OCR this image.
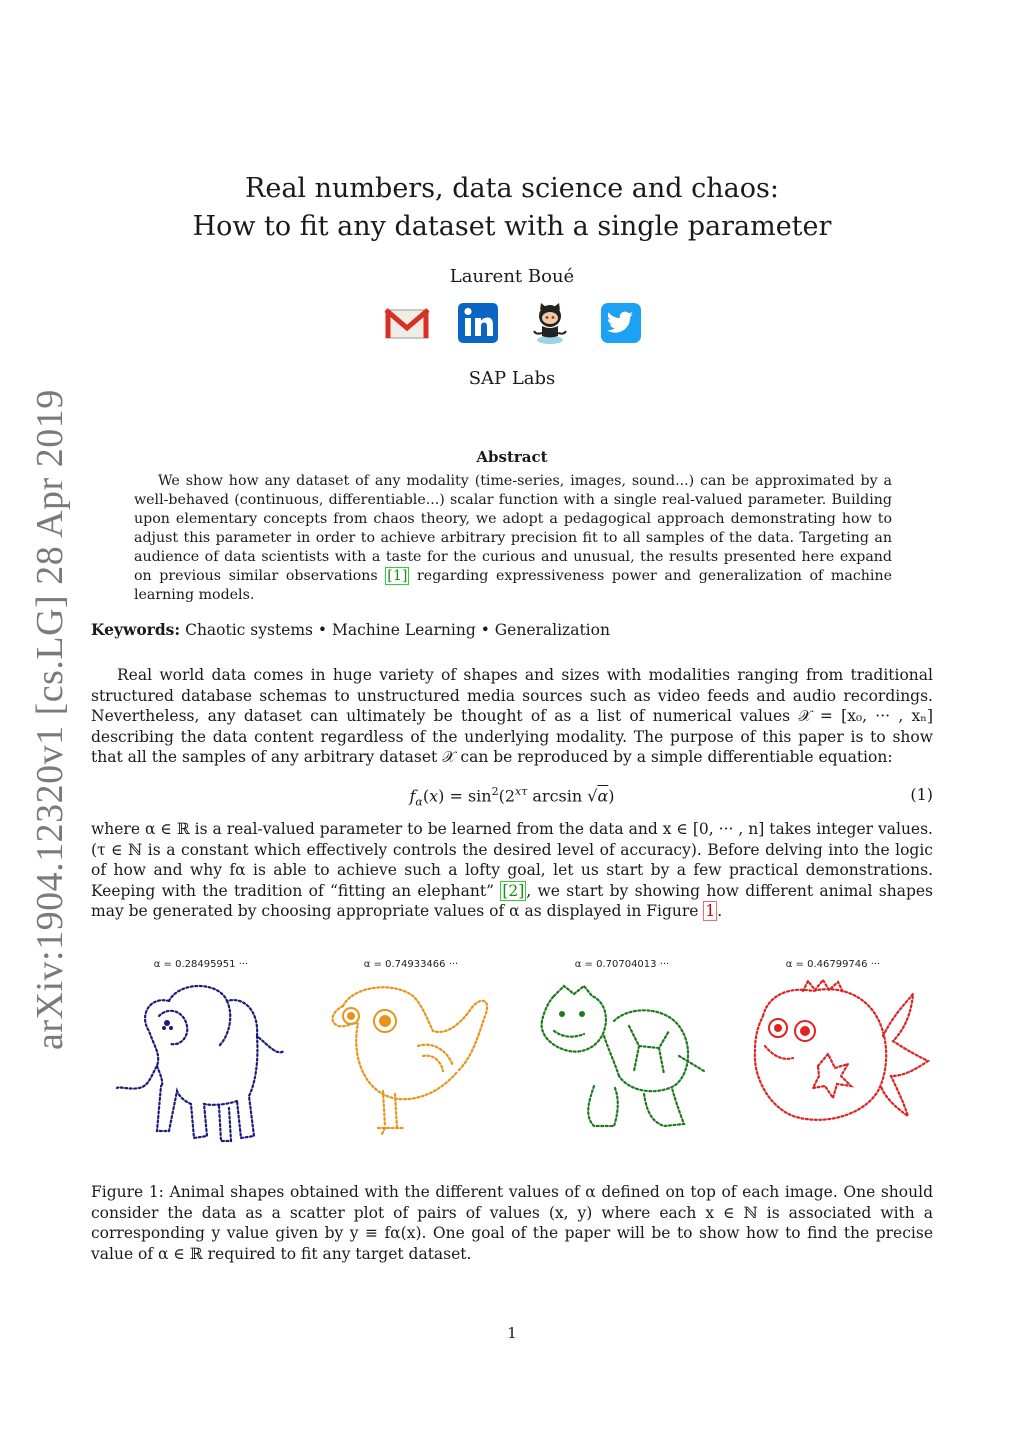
Real numbers, data science and chaos:
How to fit any dataset with a single parameter
Laurent Boué
SAP Labs
arXiv:1904.12320v1 [cs.LG] 28 Apr 2019	Abstract
We show how any dataset of any modality (time-series, images, sound...) can be approximated by a well-behaved (continuous, differentiable...) scalar function with a single real-valued parameter. Building upon elementary concepts from chaos theory, we adopt a pedagogical approach demonstrating how to adjust this parameter in order to achieve arbitrary precision fit to all samples of the data. Targeting an audience of data scientists with a taste for the curious and unusual, the results presented here expand on previous similar observations [1] regarding expressiveness power and generalization of machine learning models.
Keywords: Chaotic systems • Machine Learning • Generalization
Real world data comes in huge variety of shapes and sizes with modalities ranging from traditional structured database schemas to unstructured media sources such as video feeds and audio recordings. Nevertheless, any dataset can ultimately be thought of as a list of numerical values 𝒳 = [x₀, ··· , xₙ] describing the data content regardless of the underlying modality. The purpose of this paper is to show that all the samples of any arbitrary dataset 𝒳 can be reproduced by a simple differentiable equation:
$f_\alpha(x) = \sin^2(2^{x\tau}$ arcsin √α)	(1)
where α ∈ ℝ is a real-valued parameter to be learned from the data and x ∈ [0, ··· , n] takes integer values. (τ ∈ ℕ is a constant which effectively controls the desired level of accuracy). Before delving into the logic of how and why fα is able to achieve such a lofty goal, let us start by a few practical demonstrations. Keeping with the tradition of “fitting an elephant” [2] , we start by showing how different animal shapes may be generated by choosing appropriate values of α as displayed in Figure 1 .
α = 0.28495951 ···	α = 0.74933466 ···	α = 0.70704013 ···	α = 0.46799746 ···
Figure 1: Animal shapes obtained with the different values of α defined on top of each image. One should consider the data as a scatter plot of pairs of values (x, y) where each x ∈ ℕ is associated with a corresponding y value given by y ≡ fα(x). One goal of the paper will be to show how to find the precise value of α ∈ ℝ required to fit any target dataset.
1
